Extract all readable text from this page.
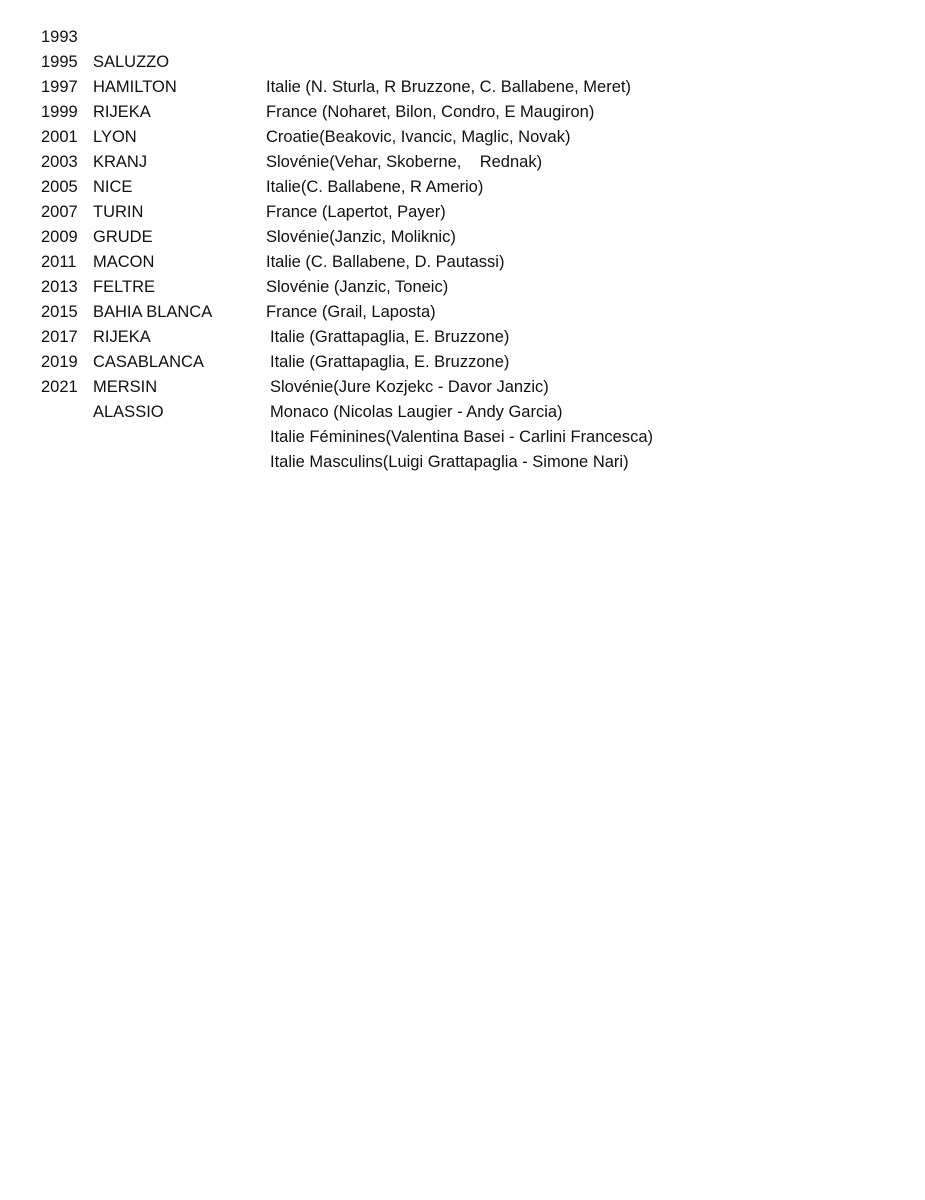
1993

SALUZZO

Italie (N. Sturla, R Bruzzone, C. Ballabene, Meret)

1995

HAMILTON

France (Noharet, Bilon, Condro, E Maugiron)

1997

RIJEKA

Croatie(Beakovic, Ivancic, Maglic, Novak)

1999

LYON

Slovénie(Vehar, Skoberne,    Rednak)

2001

KRANJ

Italie(C. Ballabene, R Amerio)

2003

NICE

France (Lapertot, Payer)

2005

TURIN

Slovénie(Janzic, Moliknic)

2007

GRUDE

Italie (C. Ballabene, D. Pautassi)

2009

MACON

Slovénie (Janzic, Toneic)

2011

FELTRE

France (Grail, Laposta)

2013

BAHIA BLANCA

Italie (Grattapaglia, E. Bruzzone)

2015

RIJEKA

Italie (Grattapaglia, E. Bruzzone)

2017

CASABLANCA

Slovénie(Jure Kozjekc - Davor Janzic)

2019

MERSIN

Monaco (Nicolas Laugier - Andy Garcia)

2021

ALASSIO

Italie Féminines(Valentina Basei - Carlini Francesca)

Italie Masculins(Luigi Grattapaglia - Simone Nari)
